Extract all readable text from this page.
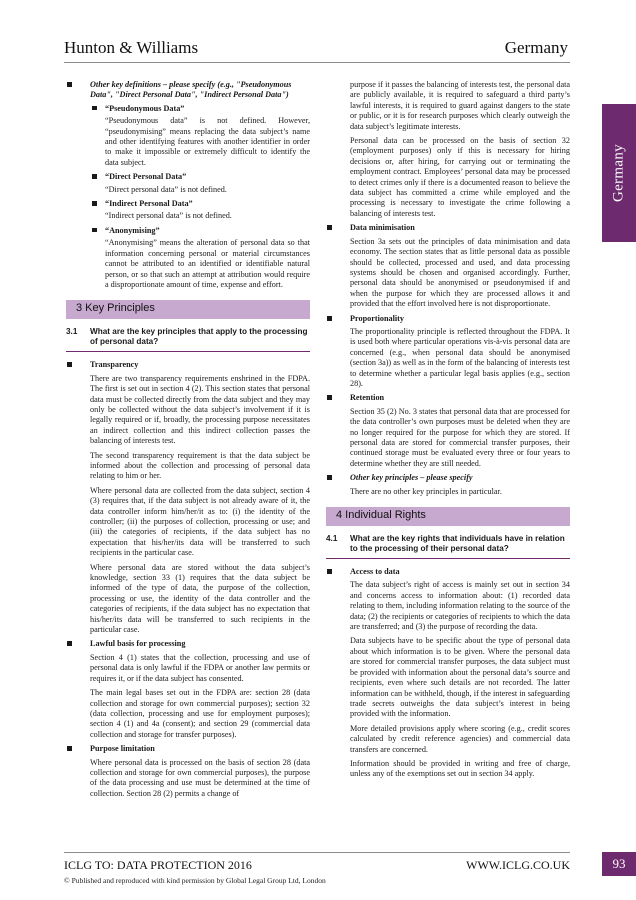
Hunton & Williams	Germany
Germany
Other key definitions – please specify (e.g., "Pseudonymous Data", "Direct Personal Data", "Indirect Personal Data")
“Pseudonymous Data”
“Pseudonymous data” is not defined. However, “pseudonymising” means replacing the data subject’s name and other identifying features with another identifier in order to make it impossible or extremely difficult to identify the data subject.
“Direct Personal Data”
“Direct personal data” is not defined.
“Indirect Personal Data”
“Indirect personal data” is not defined.
“Anonymising”
“Anonymising” means the alteration of personal data so that information concerning personal or material circumstances cannot be attributed to an identified or identifiable natural person, or so that such an attempt at attribution would require a disproportionate amount of time, expense and effort.
3 Key Principles
3.1 What are the key principles that apply to the processing of personal data?
Transparency
There are two transparency requirements enshrined in the FDPA. The first is set out in section 4 (2). This section states that personal data must be collected directly from the data subject and they may only be collected without the data subject’s involvement if it is legally required or if, broadly, the processing purpose necessitates an indirect collection and this indirect collection passes the balancing of interests test.
The second transparency requirement is that the data subject be informed about the collection and processing of personal data relating to him or her.
Where personal data are collected from the data subject, section 4 (3) requires that, if the data subject is not already aware of it, the data controller inform him/her/it as to: (i) the identity of the controller; (ii) the purposes of collection, processing or use; and (iii) the categories of recipients, if the data subject has no expectation that his/her/its data will be transferred to such recipients in the particular case.
Where personal data are stored without the data subject’s knowledge, section 33 (1) requires that the data subject be informed of the type of data, the purpose of the collection, processing or use, the identity of the data controller and the categories of recipients, if the data subject has no expectation that his/her/its data will be transferred to such recipients in the particular case.
Lawful basis for processing
Section 4 (1) states that the collection, processing and use of personal data is only lawful if the FDPA or another law permits or requires it, or if the data subject has consented.
The main legal bases set out in the FDPA are: section 28 (data collection and storage for own commercial purposes); section 32 (data collection, processing and use for employment purposes); section 4 (1) and 4a (consent); and section 29 (commercial data collection and storage for transfer purposes).
Purpose limitation
Where personal data is processed on the basis of section 28 (data collection and storage for own commercial purposes), the purpose of the data processing and use must be determined at the time of collection. Section 28 (2) permits a change of
purpose if it passes the balancing of interests test, the personal data are publicly available, it is required to safeguard a third party’s lawful interests, it is required to guard against dangers to the state or public, or it is for research purposes which clearly outweigh the data subject’s legitimate interests.
Personal data can be processed on the basis of section 32 (employment purposes) only if this is necessary for hiring decisions or, after hiring, for carrying out or terminating the employment contract. Employees’ personal data may be processed to detect crimes only if there is a documented reason to believe the data subject has committed a crime while employed and the processing is necessary to investigate the crime following a balancing of interests test.
Data minimisation
Section 3a sets out the principles of data minimisation and data economy. The section states that as little personal data as possible should be collected, processed and used, and data processing systems should be chosen and organised accordingly. Further, personal data should be anonymised or pseudonymised if and when the purpose for which they are processed allows it and provided that the effort involved here is not disproportionate.
Proportionality
The proportionality principle is reflected throughout the FDPA. It is used both where particular operations vis-à-vis personal data are concerned (e.g., when personal data should be anonymised (section 3a)) as well as in the form of the balancing of interests test to determine whether a particular legal basis applies (e.g., section 28).
Retention
Section 35 (2) No. 3 states that personal data that are processed for the data controller’s own purposes must be deleted when they are no longer required for the purpose for which they are stored. If personal data are stored for commercial transfer purposes, their continued storage must be evaluated every three or four years to determine whether they are still needed.
Other key principles – please specify
There are no other key principles in particular.
4 Individual Rights
4.1 What are the key rights that individuals have in relation to the processing of their personal data?
Access to data
The data subject’s right of access is mainly set out in section 34 and concerns access to information about: (1) recorded data relating to them, including information relating to the source of the data; (2) the recipients or categories of recipients to which the data are transferred; and (3) the purpose of recording the data.
Data subjects have to be specific about the type of personal data about which information is to be given. Where the personal data are stored for commercial transfer purposes, the data subject must be provided with information about the personal data’s source and recipients, even where such details are not recorded. The latter information can be withheld, though, if the interest in safeguarding trade secrets outweighs the data subject’s interest in being provided with the information.
More detailed provisions apply where scoring (e.g., credit scores calculated by credit reference agencies) and commercial data transfers are concerned.
Information should be provided in writing and free of charge, unless any of the exemptions set out in section 34 apply.
ICLG TO: DATA PROTECTION 2016	WWW.ICLG.CO.UK
© Published and reproduced with kind permission by Global Legal Group Ltd, London
93
